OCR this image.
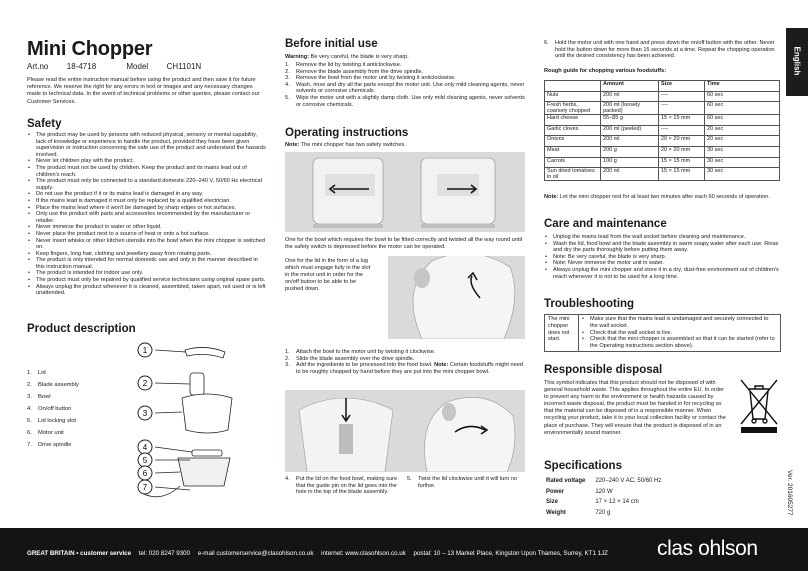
Mini Chopper
Art.no 18-4718	Model CH1101N

Please read the entire instruction manual before using the product and then save it for future reference. We reserve the right for any errors in text or images and any necessary changes made to technical data. In the event of technical problems or other queries, please contact our Customer Services.

Safety
• The product may be used by persons with reduced physical, sensory or mental capability, lack of knowledge or experience to handle the product, provided they have been given supervision or instruction concerning the safe use of the product and understand the hazards involved.
• Never let children play with the product.
• The product must not be used by children. Keep the product and its mains lead out of children's reach.
• The product must only be connected to a standard domestic 220–240 V, 50/60 Hz electrical supply.
• Do not use the product if it or its mains lead is damaged in any way.
• If the mains lead is damaged it must only be replaced by a qualified electrician.
• Place the mains lead where it won't be damaged by sharp edges or hot surfaces.
• Only use the product with parts and accessories recommended by the manufacturer or retailer.
• Never immerse the product in water or other liquid.
• Never place the product next to a source of heat or onto a hot surface.
• Never insert whisks or other kitchen utensils into the bowl when the mini chopper is switched on.
• Keep fingers, long hair, clothing and jewellery away from rotating parts.
• The product is only intended for normal domestic use and only in the manner described in this instruction manual.
• The product is intended for indoor use only.
• The product must only be repaired by qualified service technicians using original spare parts.
• Always unplug the product whenever it is cleaned, assembled, taken apart, not used or is left unattended.
Product description
1. Lid
2. Blade assembly
3. Bowl
4. On/off button
5. Lid locking slot
6. Motor unit
7. Drive spindle
1
2
3
4
5
6
7
Before initial use

Warning: Be very careful, the blade is very sharp.

1. Remove the lid by twisting it anticlockwise.
2. Remove the blade assembly from the drive spindle.
3. Remove the bowl from the motor unit by twisting it anticlockwise.
4. Wash, rinse and dry all the parts except the motor unit. Use only mild cleaning agents, never solvents or corrosive chemicals.
5. Wipe the motor unit with a slightly damp cloth. Use only mild cleaning agents, never solvents or corrosive chemicals.
Operating instructions

Note: The mini chopper has two safety switches.

One for the bowl which requires the bowl to be fitted correctly and twisted all the way round until the safety switch is depressed before the motor can be operated.

One for the lid in the form of a lug which must engage fully in the slot in the motor unit in order for the on/off button to be able to be pushed down.

1. Attach the bowl to the motor unit by twisting it clockwise.
2. Slide the blade assembly over the drive spindle.
3. Add the ingredients to be processed into the food bowl. Note: Certain foodstuffs might need to be roughly chopped by hand before they are put into the mini chopper bowl.
4. Put the lid on the food bowl, making sure that the guide pin on the lid goes into the hole in the top of the blade assembly.
5. Twist the lid clockwise until it will turn no further.
6. Hold the motor unit with one hand and press down the on/off button with the other. Never hold the button down for more than 15 seconds at a time. Repeat the chopping operation until the desired consistency has been achieved.

Rough guide for chopping various foodstuffs:

	Amount	Size	Time
Nuts	200 ml	----	60 sec
Fresh herbs, coarsely chopped	200 ml (loosely packed)	----	60 sec
Hard cheese	55–85 g	15 × 15 mm	60 sec
Garlic cloves	200 ml (peeled)	----	20 sec
Onions	200 ml	20 × 20 mm	20 sec
Meat	200 g	20 × 20 mm	30 sec
Carrots	100 g	15 × 15 mm	30 sec
Sun dried tomatoes in oil	200 ml	15 × 15 mm	30 sec

Note: Let the mini chopper rest for at least two minutes after each 60 seconds of operation.

Care and maintenance
• Unplug the mains lead from the wall socket before cleaning and maintenance.
• Wash the lid, food bowl and the blade assembly in warm soapy water after each use. Rinse and dry the parts thoroughly before putting them away.
• Note: Be very careful, the blade is very sharp.
• Note: Never immerse the motor unit in water.
• Always unplug the mini chopper and store it in a dry, dust-free environment out of children's reach whenever it is not to be used for a long time.
Troubleshooting
The mini chopper does not start.	
• Make sure that the mains lead is undamaged and securely connected to the wall socket.
• Check that the wall socket is live.
• Check that the mini chopper is assembled so that it can be started (refer to the Operating instructions section above).
Responsible disposal

This symbol indicates that this product should not be disposed of with general household waste. This applies throughout the entire EU. In order to prevent any harm to the environment or health hazards caused by incorrect waste disposal, the product must be handed in for recycling so that the material can be disposed of in a responsible manner. When recycling your product, take it to your local collection facility or contact the place of purchase. They will ensure that the product is disposed of in an environmentally sound manner.

Specifications
Rated voltage	220–240 V AC, 50/60 Hz
Power	120 W
Size	17 × 12 × 14 cm
Weight	720 g
English
Ver. 201605277
GREAT BRITAIN • customer service tel: 020 8247 9300 e-mail customerservice@clasohlson.co.uk internet: www.clasohlson.co.uk postal: 10 – 13 Market Place, Kingston Upon Thames, Surrey, KT1 1JZ clas ohlson
